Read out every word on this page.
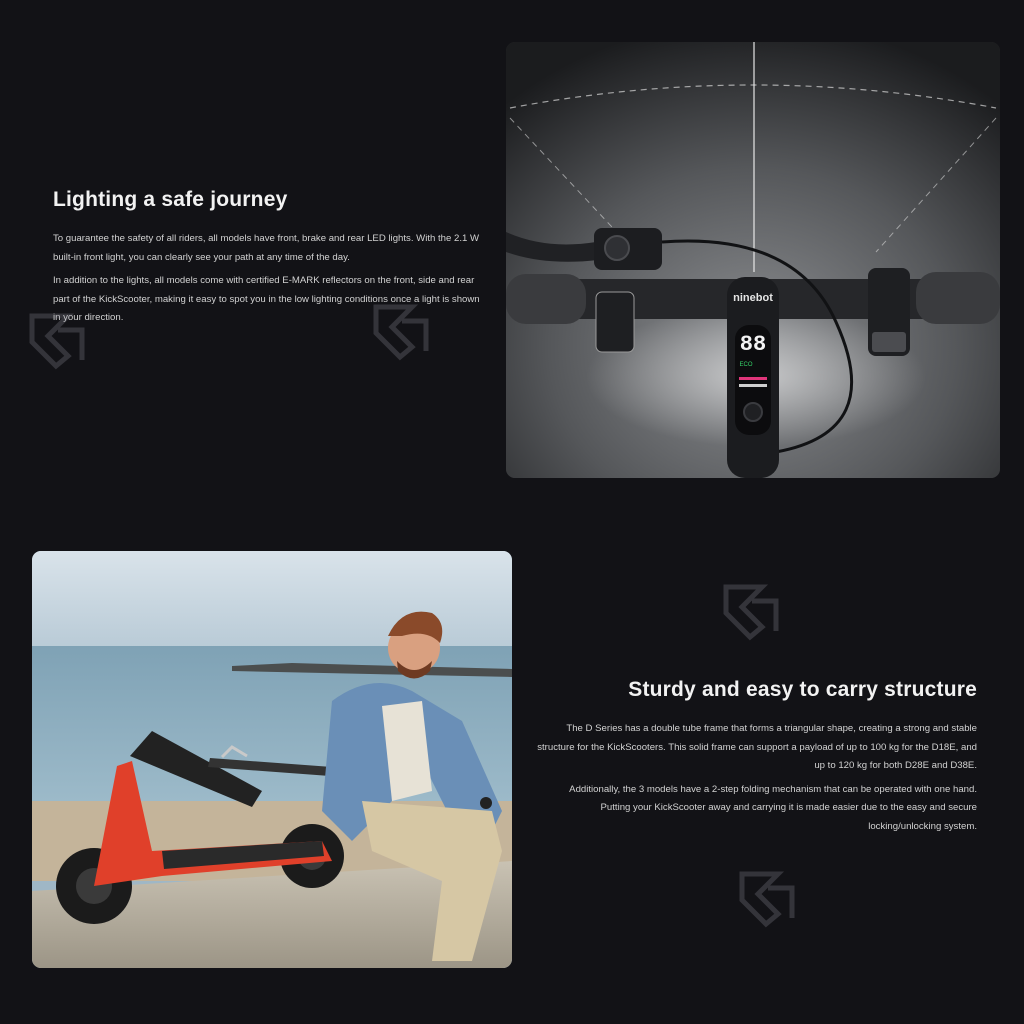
Lighting a safe journey

To guarantee the safety of all riders, all models have front, brake and rear LED lights. With the 2.1 W built-in front light, you can clearly see your path at any time of the day.

In addition to the lights, all models come with certified E-MARK reflectors on the front, side and rear part of the KickScooter, making it easy to spot you in the low lighting conditions once a light is shown in your direction.

ninebot
88
ECO
Sturdy and easy to carry structure

The D Series has a double tube frame that forms a triangular shape, creating a strong and stable structure for the KickScooters. This solid frame can support a payload of up to 100 kg for the D18E, and up to 120 kg for both D28E and D38E.

Additionally, the 3 models have a 2-step folding mechanism that can be operated with one hand. Putting your KickScooter away and carrying it is made easier due to the easy and secure locking/unlocking system.
